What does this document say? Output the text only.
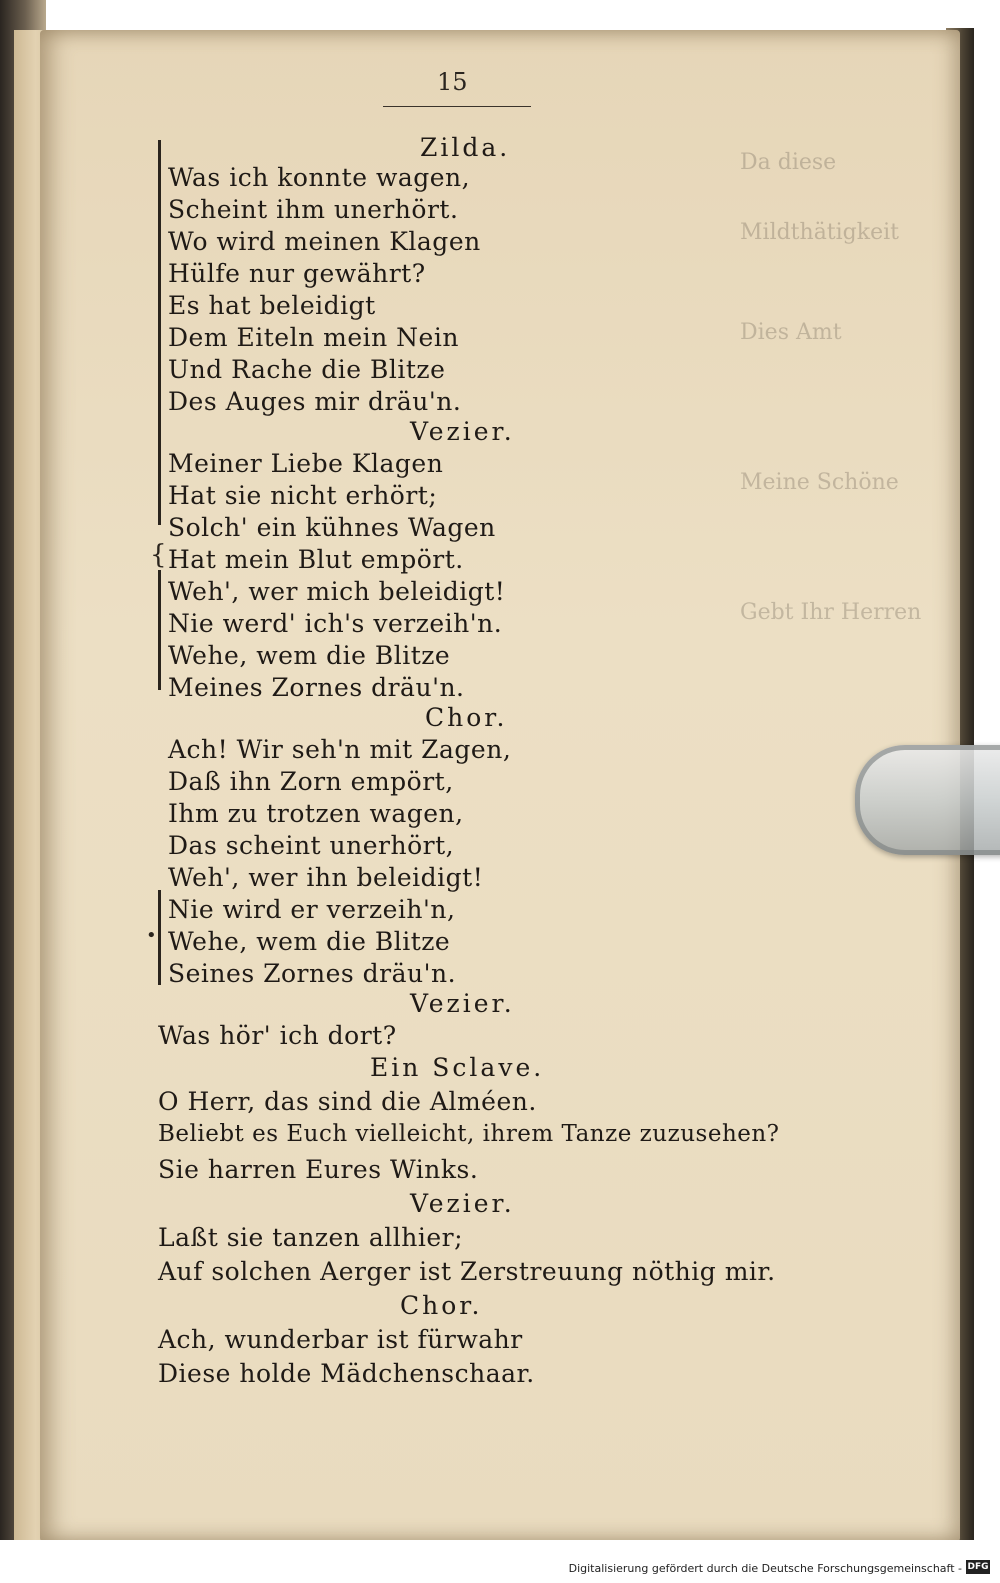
Da diese
Mildthätigkeit
Dies Amt
Meine Schöne
Gebt Ihr Herren
15
Zilda.
Was ich konnte wagen,
Scheint ihm unerhört.
Wo wird meinen Klagen
Hülfe nur gewährt?
Es hat beleidigt
Dem Eiteln mein Nein
Und Rache die Blitze
Des Auges mir dräu'n.
Vezier.
Meiner Liebe Klagen
Hat sie nicht erhört;
Solch' ein kühnes Wagen
Hat mein Blut empört.
Weh', wer mich beleidigt!
Nie werd' ich's verzeih'n.
Wehe, wem die Blitze
Meines Zornes dräu'n.
Chor.
Ach! Wir seh'n mit Zagen,
Daß ihn Zorn empört,
Ihm zu trotzen wagen,
Das scheint unerhört,
Weh', wer ihn beleidigt!
Nie wird er verzeih'n,
Wehe, wem die Blitze
Seines Zornes dräu'n.
{
•
Vezier.
Was hör' ich dort?
Ein Sclave.
O Herr, das sind die Alméen.
Beliebt es Euch vielleicht, ihrem Tanze zuzusehen?
Sie harren Eures Winks.
Vezier.
Laßt sie tanzen allhier;
Auf solchen Aerger ist Zerstreuung nöthig mir.
Chor.
Ach, wunderbar ist fürwahr
Diese holde Mädchenschaar.
Digitalisierung gefördert durch die Deutsche Forschungsgemeinschaft - DFG
